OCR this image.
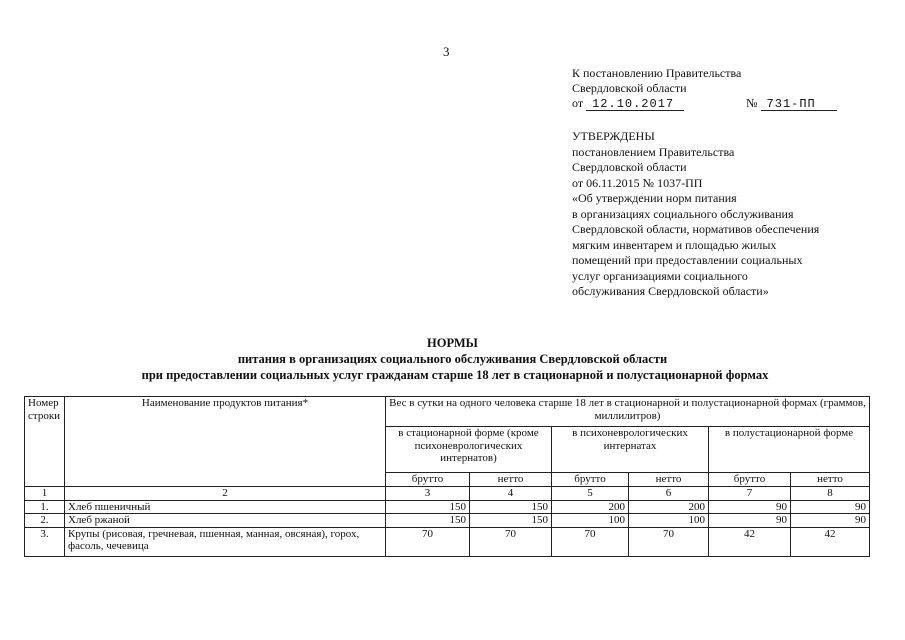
3
К постановлению Правительства
Свердловской области
от 12.10.2017	№ 731-ПП
УТВЕРЖДЕНЫ
постановлением Правительства
Свердловской области
от 06.11.2015 № 1037-ПП
«Об утверждении норм питания
в организациях социального обслуживания
Свердловской области, нормативов обеспечения
мягким инвентарем и площадью жилых
помещений при предоставлении социальных
услуг организациями социального
обслуживания Свердловской области»
НОРМЫ
питания в организациях социального обслуживания Свердловской области
при предоставлении социальных услуг гражданам старше 18 лет в стационарной и полустационарной формах
Номер строки	Наименование продуктов питания*	Вес в сутки на одного человека старше 18 лет в стационарной и полустационарной формах (граммов, миллилитров)					
		в стационарной форме (кроме психоневрологических интернатов)		в психоневрологических интернатах		в полустационарной форме	
		брутто	нетто	брутто	нетто	брутто	нетто
1	2	3	4	5	6	7	8
1.	Хлеб пшеничный	150	150	200	200	90	90
2.	Хлеб ржаной	150	150	100	100	90	90
3.	Крупы (рисовая, гречневая, пшенная, манная, овсяная), горох, фасоль, чечевица	70	70	70	70	42	42
